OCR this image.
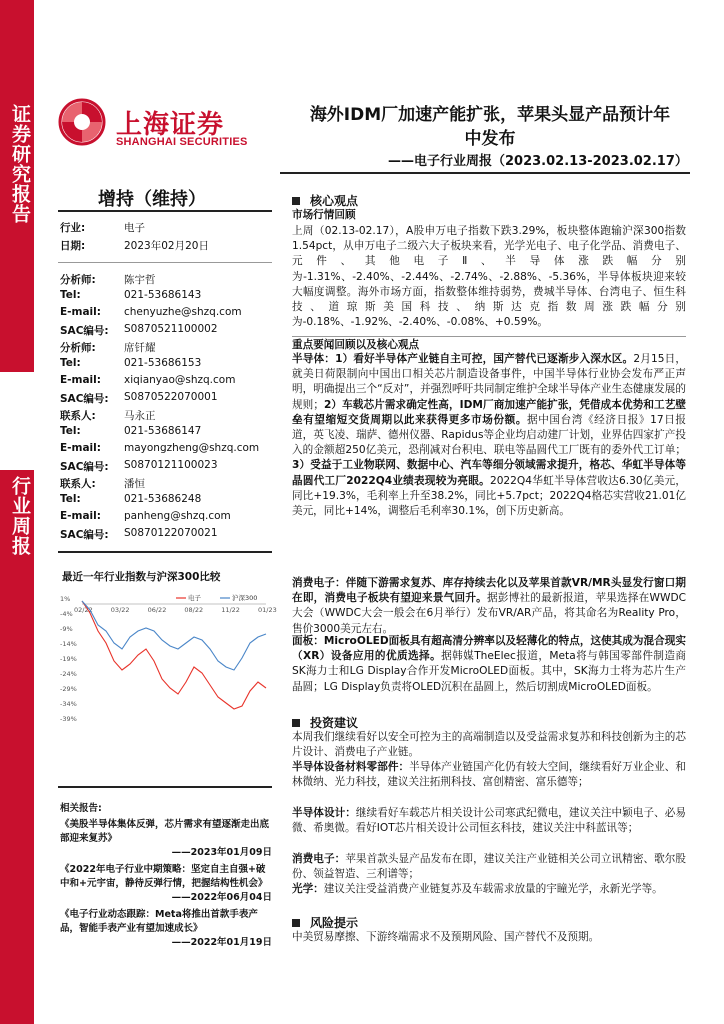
证券研究报告
行业周报
上海证券
SHANGHAI SECURITIES
海外IDM厂加速产能扩张，苹果头显产品预计年
中发布
——电子行业周报（2023.02.13-2023.02.17）
增持（维持）
行业:	电子
日期:	2023年02月20日
分析师:	陈宇哲
Tel:	021-53686143
E-mail: chenyuzhe@shzq.com
SAC编号: S0870521100002
分析师:	席钎耀
Tel:	021-53686153
E-mail: xiqianyao@shzq.com
SAC编号: S0870522070001
联系人:	马永正
Tel:	021-53686147
E-mail: mayongzheng@shzq.com
SAC编号: S0870121100023
联系人:	潘恒
Tel:	021-53686248
E-mail: panheng@shzq.com
SAC编号: S0870122070021
最近一年行业指数与沪深300比较
1%
-4%
-9%
-14%
-19%
-24%
-29%
-34%
-39%
02/22	03/22	06/22	08/22	11/22	01/23
电子	沪深300
相关报告:
《美股半导体集体反弹，芯片需求有望逐渐走出底部迎来复苏》
——2023年01月09日
《2022年电子行业中期策略：坚定自主自强+破中和+元宇宙，静待反弹行情，把握结构性机会》
——2022年06月04日
《电子行业动态跟踪：Meta将推出首款手表产品，智能手表产业有望加速成长》
——2022年01月19日
核心观点
市场行情回顾
上周（02.13-02.17），A股申万电子指数下跌3.29%，板块整体跑输沪深300指数1.54pct，从申万电子二级六大子板块来看，光学光电子、电子化学品、消费电子、元件、其他电子Ⅱ、半导体涨跌幅分别为-1.31%、-2.40%、-2.44%、-2.74%、-2.88%、-5.36%，半导体板块迎来较大幅度调整。海外市场方面，指数整体维持弱势，费城半导体、台湾电子、恒生科技、道琼斯美国科技、纳斯达克指数周涨跌幅分别为-0.18%、-1.92%、-2.40%、-0.08%、+0.59%。
重点要闻回顾以及核心观点
半导体：1）看好半导体产业链自主可控，国产替代已逐渐步入深水区。2月15日，就美日荷限制向中国出口相关芯片制造设备事件，中国半导体行业协会发布严正声明，明确提出三个“反对”，并强烈呼吁共同制定维护全球半导体产业生态健康发展的规则；2）车载芯片需求确定性高，IDM厂商加速产能扩张，凭借成本优势和工艺壁垒有望缩短交货周期以此来获得更多市场份额。据中国台湾《经济日报》17日报道，英飞凌、瑞萨、德州仪器、Rapidus等企业均启动建厂计划，业界估四家扩产投入的金额超250亿美元，恐削减对台积电、联电等晶圆代工厂既有的委外代工订单；3）受益于工业物联网、数据中心、汽车等细分领域需求提升，格芯、华虹半导体等晶圆代工厂2022Q4业绩表现较为亮眼。2022Q4华虹半导体营收达6.30亿美元，同比+19.3%，毛利率上升至38.2%，同比+5.7pct；2022Q4格芯实营收21.01亿美元，同比+14%，调整后毛利率30.1%，创下历史新高。
消费电子：伴随下游需求复苏、库存持续去化以及苹果首款VR/MR头显发行窗口期在即，消费电子板块有望迎来景气回升。据彭博社的最新报道，苹果选择在WWDC大会（WWDC大会一般会在6月举行）发布VR/AR产品，将其命名为Reality Pro，售价3000美元左右。
面板：MicroOLED面板具有超高清分辨率以及轻薄化的特点，这使其成为混合现实（XR）设备应用的优质选择。据韩媒TheElec报道，Meta将与韩国零部件制造商SK海力士和LG Display合作开发MicroOLED面板。其中，SK海力士将为芯片生产晶圆；LG Display负责将OLED沉积在晶圆上，然后切割成MicroOLED面板。
投资建议
本周我们继续看好以安全可控为主的高端制造以及受益需求复苏和科技创新为主的芯片设计、消费电子产业链。
半导体设备材料零部件：半导体产业链国产化仍有较大空间，继续看好万业企业、和林微纳、光力科技，建议关注拓荆科技、富创精密、富乐德等；
半导体设计：继续看好车载芯片相关设计公司寒武纪微电，建议关注中颖电子、必易微、希奥微。看好IOT芯片相关设计公司恒玄科技，建议关注中科蓝讯等；
消费电子：苹果首款头显产品发布在即，建议关注产业链相关公司立讯精密、歌尔股份、领益智造、三利谱等；
光学：建议关注受益消费产业链复苏及车载需求放量的宇瞳光学，永新光学等。
风险提示
中美贸易摩擦、下游终端需求不及预期风险、国产替代不及预期。
